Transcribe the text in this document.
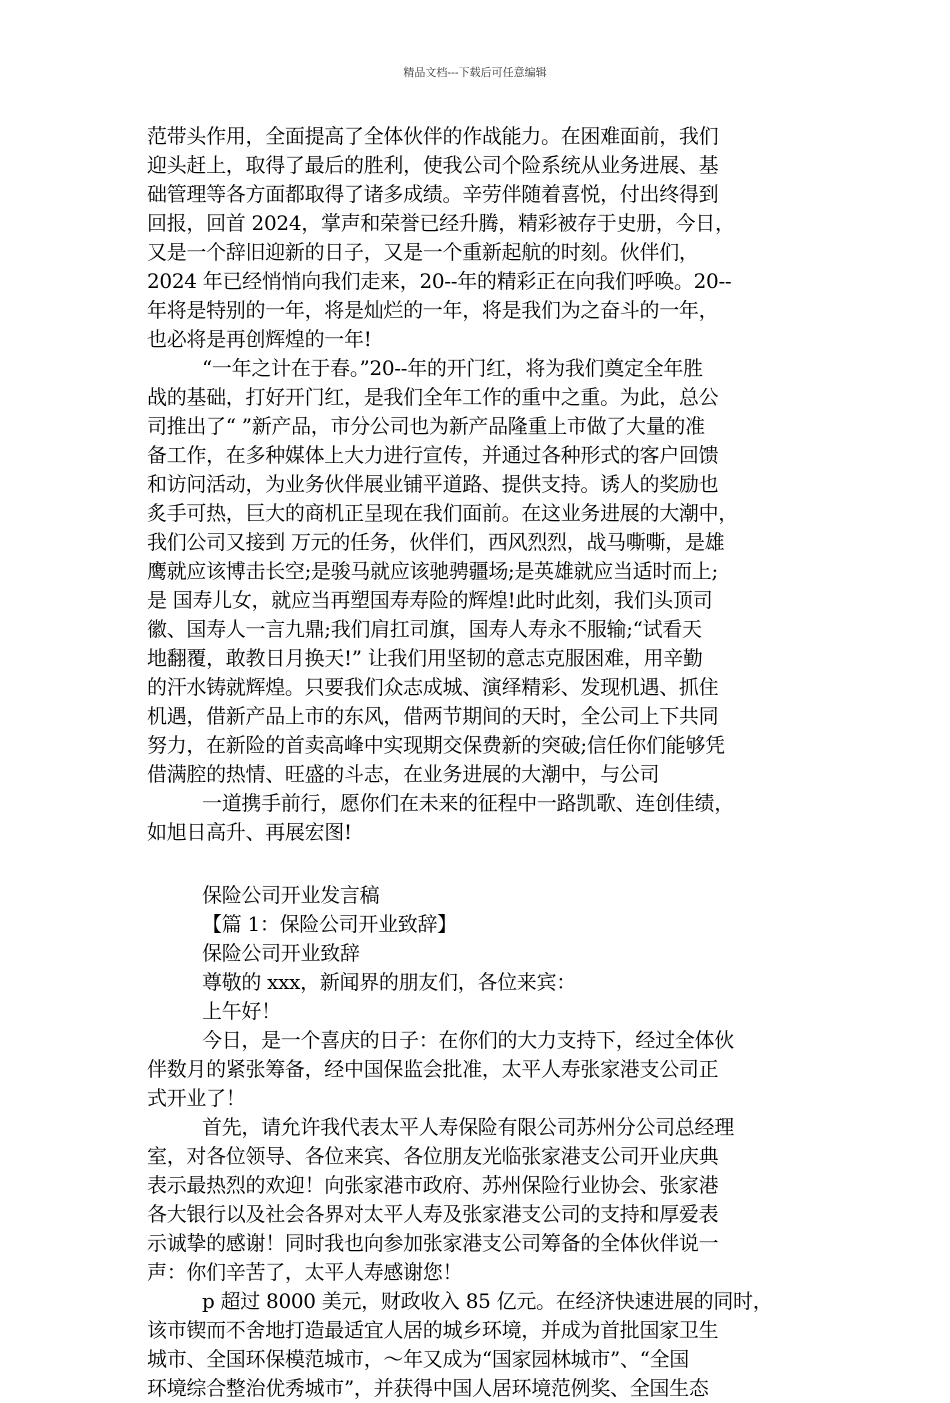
精品文档---下载后可任意编辑
范带头作用，全面提高了全体伙伴的作战能力。在困难面前，我们
迎头赶上，取得了最后的胜利，使我公司个险系统从业务进展、基
础管理等各方面都取得了诸多成绩。辛劳伴随着喜悦，付出终得到
回报，回首 2024，掌声和荣誉已经升腾，精彩被存于史册，今日，
又是一个辞旧迎新的日子，又是一个重新起航的时刻。伙伴们，
2024 年已经悄悄向我们走来，20--年的精彩正在向我们呼唤。20--
年将是特别的一年，将是灿烂的一年，将是我们为之奋斗的一年，
也必将是再创辉煌的一年!
“一年之计在于春。”20--年的开门红，将为我们奠定全年胜
战的基础，打好开门红，是我们全年工作的重中之重。为此，总公
司推出了“ ”新产品，市分公司也为新产品隆重上市做了大量的准
备工作，在多种媒体上大力进行宣传，并通过各种形式的客户回馈
和访问活动，为业务伙伴展业铺平道路、提供支持。诱人的奖励也
炙手可热，巨大的商机正呈现在我们面前。在这业务进展的大潮中，
我们公司又接到 万元的任务，伙伴们，西风烈烈，战马嘶嘶，是雄
鹰就应该博击长空;是骏马就应该驰骋疆场;是英雄就应当适时而上;
是 国寿儿女，就应当再塑国寿寿险的辉煌!此时此刻，我们头顶司
徽、国寿人一言九鼎;我们肩扛司旗，国寿人寿永不服输;“试看天
地翻覆，敢教日月换天!” 让我们用坚韧的意志克服困难，用辛勤
的汗水铸就辉煌。只要我们众志成城、演绎精彩、发现机遇、抓住
机遇，借新产品上市的东风，借两节期间的天时，全公司上下共同
努力，在新险的首卖高峰中实现期交保费新的突破;信任你们能够凭
借满腔的热情、旺盛的斗志，在业务进展的大潮中，与公司
一道携手前行，愿你们在未来的征程中一路凯歌、连创佳绩，
如旭日高升、再展宏图!
保险公司开业发言稿
【篇 1：保险公司开业致辞】
保险公司开业致辞
尊敬的 xxx，新闻界的朋友们，各位来宾：
上午好！
今日，是一个喜庆的日子：在你们的大力支持下，经过全体伙
伴数月的紧张筹备，经中国保监会批准，太平人寿张家港支公司正
式开业了！
首先，请允许我代表太平人寿保险有限公司苏州分公司总经理
室，对各位领导、各位来宾、各位朋友光临张家港支公司开业庆典
表示最热烈的欢迎！向张家港市政府、苏州保险行业协会、张家港
各大银行以及社会各界对太平人寿及张家港支公司的支持和厚爱表
示诚挚的感谢！同时我也向参加张家港支公司筹备的全体伙伴说一
声：你们辛苦了，太平人寿感谢您！
p 超过 8000 美元，财政收入 85 亿元。在经济快速进展的同时，
该市锲而不舍地打造最适宜人居的城乡环境，并成为首批国家卫生
城市、全国环保模范城市，～年又成为“国家园林城市”、“全国
环境综合整治优秀城市”，并获得中国人居环境范例奖、全国生态
